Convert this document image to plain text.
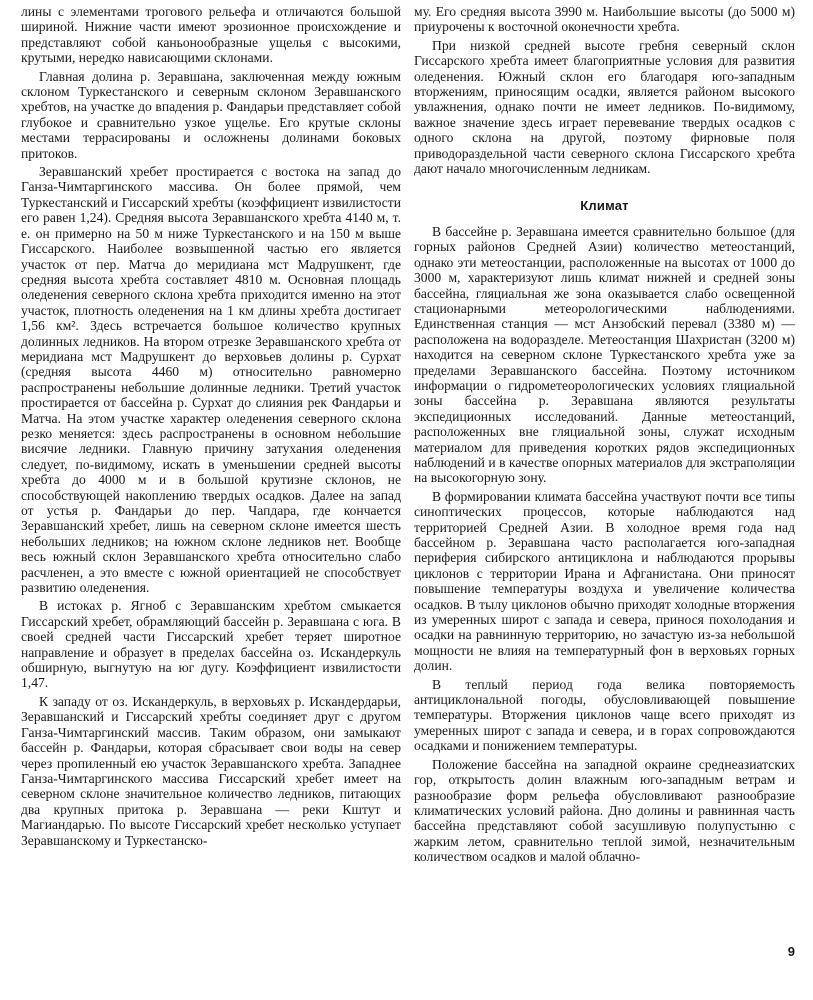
лины с элементами трогового рельефа и отличаются большой шириной. Нижние части имеют эрозионное происхождение и представляют собой каньонообразные ущелья с высокими, крутыми, нередко нависающими склонами.

Главная долина р. Зеравшана, заключенная между южным склоном Туркестанского и северным склоном Зеравшанского хребтов, на участке до впадения р. Фандарьи представляет собой глубокое и сравнительно узкое ущелье. Его крутые склоны местами террасированы и осложнены долинами боковых притоков.

Зеравшанский хребет простирается с востока на запад до Ганза-Чимтаргинского массива. Он более прямой, чем Туркестанский и Гиссарский хребты (коэффициент извилистости его равен 1,24). Средняя высота Зеравшанского хребта 4140 м, т. е. он примерно на 50 м ниже Туркестанского и на 150 м выше Гиссарского. Наиболее возвышенной частью его является участок от пер. Матча до меридиана мст Мадрушкент, где средняя высота хребта составляет 4810 м. Основная площадь оледенения северного склона хребта приходится именно на этот участок, плотность оледенения на 1 км длины хребта достигает 1,56 км². Здесь встречается большое количество крупных долинных ледников. На втором отрезке Зеравшанского хребта от меридиана мст Мадрушкент до верховьев долины р. Сурхат (средняя высота 4460 м) относительно равномерно распространены небольшие долинные ледники. Третий участок простирается от бассейна р. Сурхат до слияния рек Фандарьи и Матча. На этом участке характер оледенения северного склона резко меняется: здесь распространены в основном небольшие висячие ледники. Главную причину затухания оледенения следует, по-видимому, искать в уменьшении средней высоты хребта до 4000 м и в большой крутизне склонов, не способствующей накоплению твердых осадков. Далее на запад от устья р. Фандарьи до пер. Чапдара, где кончается Зеравшанский хребет, лишь на северном склоне имеется шесть небольших ледников; на южном склоне ледников нет. Вообще весь южный склон Зеравшанского хребта относительно слабо расчленен, а это вместе с южной ориентацией не способствует развитию оледенения.

В истоках р. Ягноб с Зеравшанским хребтом смыкается Гиссарский хребет, обрамляющий бассейн р. Зеравшана с юга. В своей средней части Гиссарский хребет теряет широтное направление и образует в пределах бассейна оз. Искандеркуль обширную, выгнутую на юг дугу. Коэффициент извилистости 1,47.

К западу от оз. Искандеркуль, в верховьях р. Искандердарьи, Зеравшанский и Гиссарский хребты соединяет друг с другом Ганза-Чимтаргинский массив. Таким образом, они замыкают бассейн р. Фандарьи, которая сбрасывает свои воды на север через пропиленный ею участок Зеравшанского хребта. Западнее Ганза-Чимтаргинского массива Гиссарский хребет имеет на северном склоне значительное количество ледников, питающих два крупных притока р. Зеравшана — реки Кштут и Магиандарью. По высоте Гиссарский хребет несколько уступает Зеравшанскому и Туркестанско-

му. Его средняя высота 3990 м. Наибольшие высоты (до 5000 м) приурочены к восточной оконечности хребта.

При низкой средней высоте гребня северный склон Гиссарского хребта имеет благоприятные условия для развития оледенения. Южный склон его благодаря юго-западным вторжениям, приносящим осадки, является районом высокого увлажнения, однако почти не имеет ледников. По-видимому, важное значение здесь играет перевевание твердых осадков с одного склона на другой, поэтому фирновые поля приводораздельной части северного склона Гиссарского хребта дают начало многочисленным ледникам.

Климат

В бассейне р. Зеравшана имеется сравнительно большое (для горных районов Средней Азии) количество метеостанций, однако эти метеостанции, расположенные на высотах от 1000 до 3000 м, характеризуют лишь климат нижней и средней зоны бассейна, гляциальная же зона оказывается слабо освещенной стационарными метеорологическими наблюдениями. Единственная станция — мст Анзобский перевал (3380 м) — расположена на водоразделе. Метеостанция Шахристан (3200 м) находится на северном склоне Туркестанского хребта уже за пределами Зеравшанского бассейна. Поэтому источником информации о гидрометеорологических условиях гляциальной зоны бассейна р. Зеравшана являются результаты экспедиционных исследований. Данные метеостанций, расположенных вне гляциальной зоны, служат исходным материалом для приведения коротких рядов экспедиционных наблюдений и в качестве опорных материалов для экстраполяции на высокогорную зону.

В формировании климата бассейна участвуют почти все типы синоптических процессов, которые наблюдаются над территорией Средней Азии. В холодное время года над бассейном р. Зеравшана часто располагается юго-западная периферия сибирского антициклона и наблюдаются прорывы циклонов с территории Ирана и Афганистана. Они приносят повышение температуры воздуха и увеличение количества осадков. В тылу циклонов обычно приходят холодные вторжения из умеренных широт с запада и севера, принося похолодания и осадки на равнинную территорию, но зачастую из-за небольшой мощности не влияя на температурный фон в верховьях горных долин.

В теплый период года велика повторяемость антициклональной погоды, обусловливающей повышение температуры. Вторжения циклонов чаще всего приходят из умеренных широт с запада и севера, и в горах сопровождаются осадками и понижением температуры.

Положение бассейна на западной окраине среднеазиатских гор, открытость долин влажным юго-западным ветрам и разнообразие форм рельефа обусловливают разнообразие климатических условий района. Дно долины и равнинная часть бассейна представляют собой засушливую полупустыню с жарким летом, сравнительно теплой зимой, незначительным количеством осадков и малой облачно-

9
